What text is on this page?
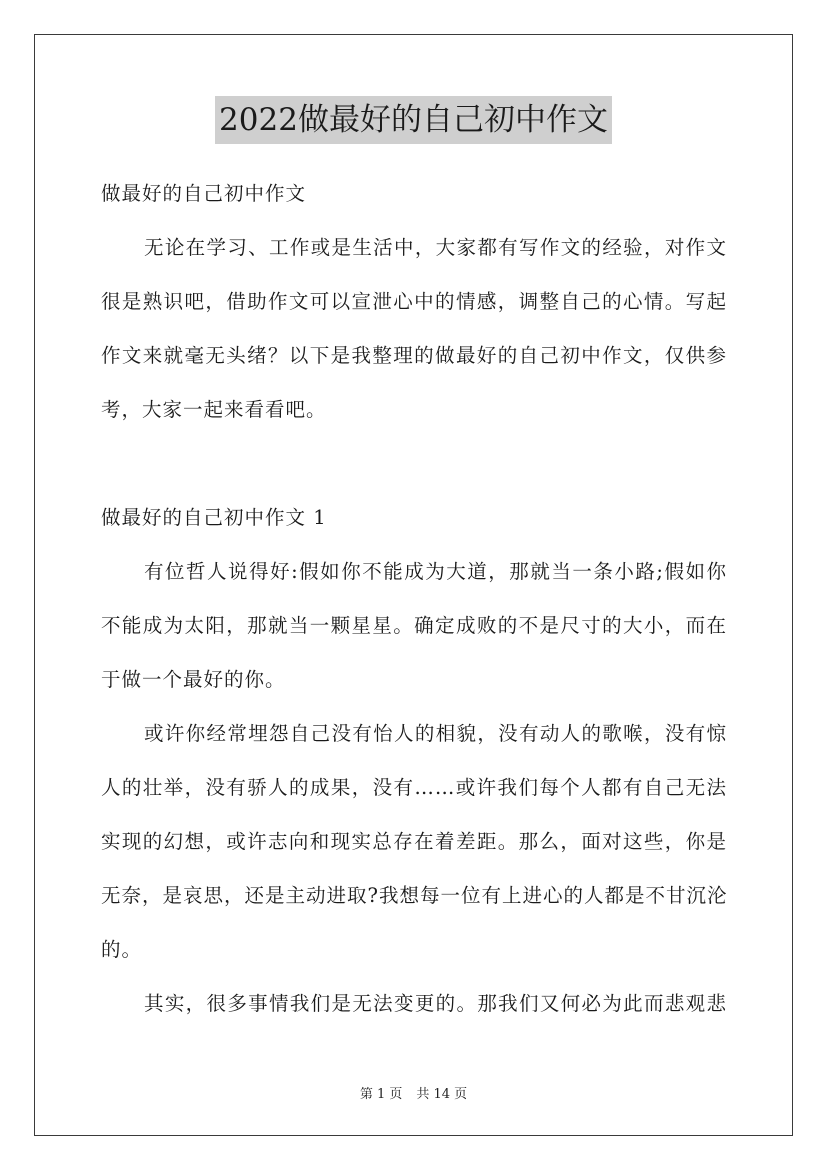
2022做最好的自己初中作文
做最好的自己初中作文
无论在学习、工作或是生活中，大家都有写作文的经验，对作文
很是熟识吧，借助作文可以宣泄心中的情感，调整自己的心情。写起
作文来就毫无头绪？以下是我整理的做最好的自己初中作文，仅供参
考，大家一起来看看吧。
做最好的自己初中作文 1
有位哲人说得好:假如你不能成为大道，那就当一条小路;假如你
不能成为太阳，那就当一颗星星。确定成败的不是尺寸的大小，而在
于做一个最好的你。
或许你经常埋怨自己没有怡人的相貌，没有动人的歌喉，没有惊
人的壮举，没有骄人的成果，没有……或许我们每个人都有自己无法
实现的幻想，或许志向和现实总存在着差距。那么，面对这些，你是
无奈，是哀思，还是主动进取?我想每一位有上进心的人都是不甘沉沦
的。
其实，很多事情我们是无法变更的。那我们又何必为此而悲观悲
第 1 页 共 14 页
